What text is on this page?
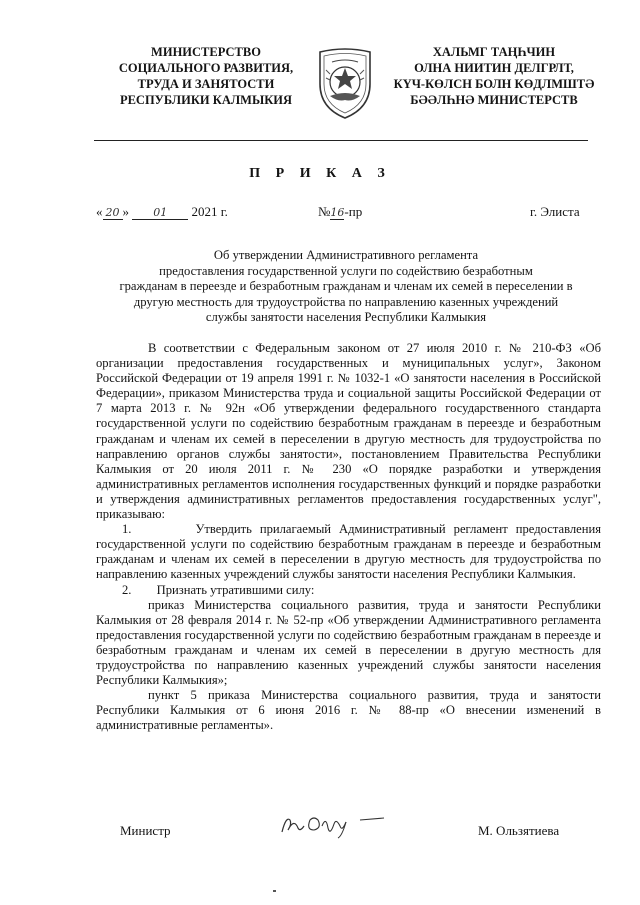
МИНИСТЕРСТВО
СОЦИАЛЬНОГО РАЗВИТИЯ,
ТРУДА И ЗАНЯТОСТИ
РЕСПУБЛИКИ КАЛМЫКИЯ
ХАЛЬМГ ТАҢҺЧИН
ОЛНА НИИТИН ДЕЛГРЛТ,
КҮЧ-КӨЛСН БОЛН КӨДЛМШТӘ
БӘӘЛҺНӘ МИНИСТЕРСТВ
П Р И К А З
« 20 » 01 2021 г.	№16-пр	г. Элиста
Об утверждении Административного регламента
предоставления государственной услуги по содействию безработным
гражданам в переезде и безработным гражданам и членам их семей в переселении в
другую местность для трудоустройства по направлению казенных учреждений
службы занятости населения Республики Калмыкия

В соответствии с Федеральным законом от 27 июля 2010 г. № 210-ФЗ «Об организации предоставления государственных и муниципальных услуг», Законом Российской Федерации от 19 апреля 1991 г. № 1032-1 «О занятости населения в Российской Федерации», приказом Министерства труда и социальной защиты Российской Федерации от 7 марта 2013 г. № 92н «Об утверждении федерального государственного стандарта государственной услуги по содействию безработным гражданам в переезде и безработным гражданам и членам их семей в переселении в другую местность для трудоустройства по направлению органов службы занятости», постановлением Правительства Республики Калмыкия от 20 июля 2011 г. № 230 «О порядке разработки и утверждения административных регламентов исполнения государственных функций и порядке разработки и утверждения административных регламентов предоставления государственных услуг", приказываю:

1.        Утвердить прилагаемый Административный регламент предоставления государственной услуги по содействию безработным гражданам в переезде и безработным гражданам и членам их семей в переселении в другую местность для трудоустройства по направлению казенных учреждений службы занятости населения Республики Калмыкия.

2.        Признать утратившими силу:

приказ Министерства социального развития, труда и занятости Республики Калмыкия от 28 февраля 2014 г. № 52-пр «Об утверждении Административного регламента предоставления государственной услуги по содействию безработным гражданам в переезде и безработным гражданам и членам их семей в переселении в другую местность для трудоустройства по направлению казенных учреждений службы занятости населения Республики Калмыкия»;

пункт 5 приказа Министерства социального развития, труда и занятости Республики Калмыкия от 6 июня 2016 г. № 88-пр «О внесении изменений в административные регламенты».

Министр	М. Ользятиева
